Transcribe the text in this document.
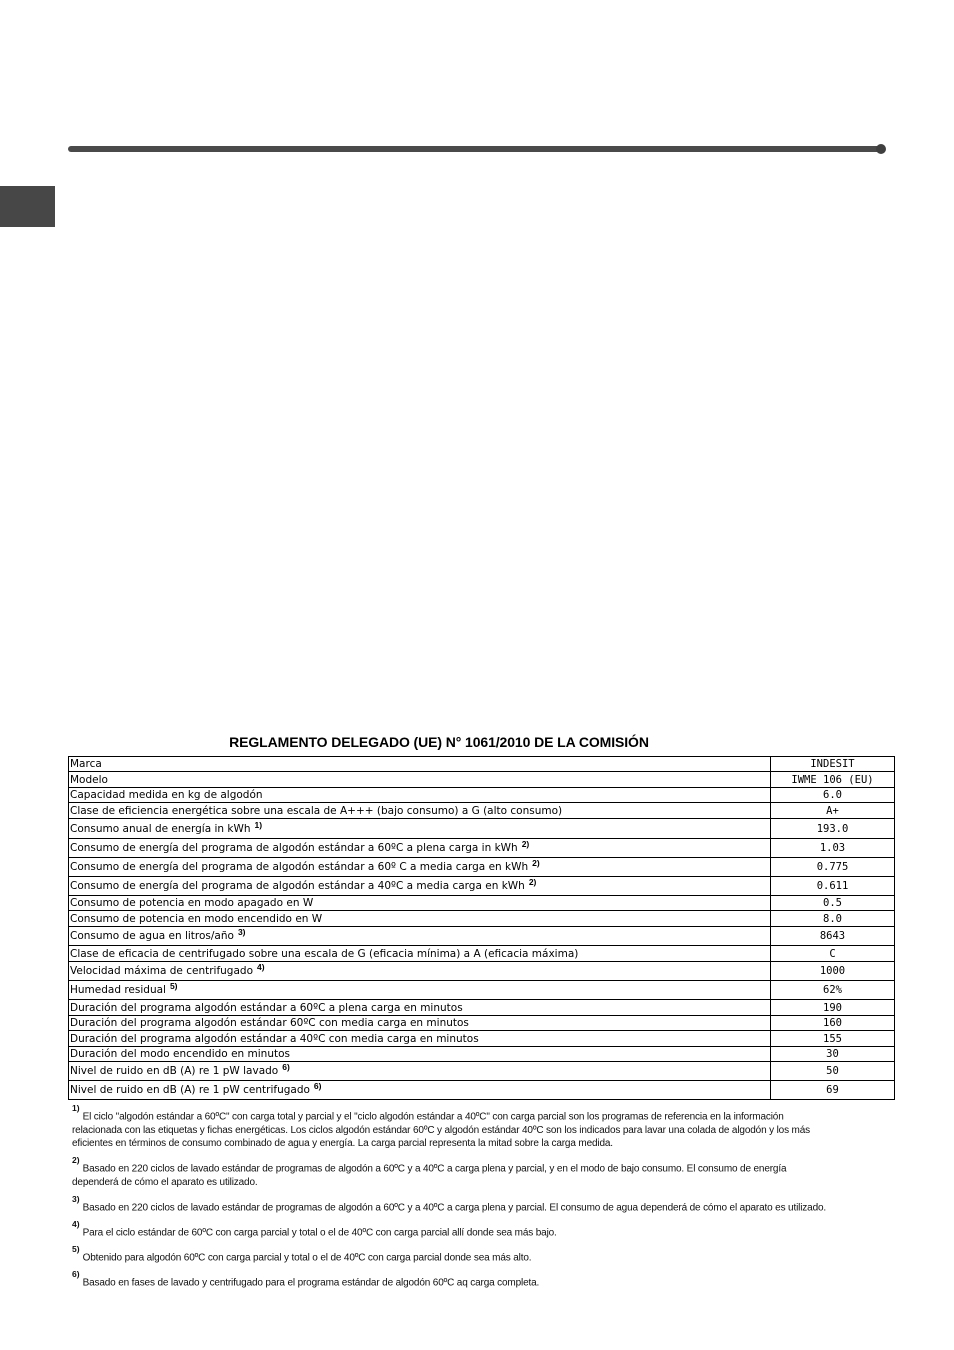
REGLAMENTO DELEGADO (UE) N° 1061/2010 DE LA COMISIÓN
Marca	INDESIT
Modelo	IWME 106 (EU)
Capacidad medida en kg de algodón	6.0
Clase de eficiencia energética sobre una escala de A+++ (bajo consumo) a G (alto consumo)	A+
Consumo anual de energía in kWh $^{1)}$	193.0
Consumo de energía del programa de algodón estándar a 60ºC a plena carga in kWh $^{2)}$	1.03
Consumo de energía del programa de algodón estándar a 60º C a media carga en kWh $^{2)}$	0.775
Consumo de energía del programa de algodón estándar a 40ºC a media carga en kWh $^{2)}$	0.611
Consumo de potencia en modo apagado en W	0.5
Consumo de potencia en modo encendido en W	8.0
Consumo de agua en litros/año $^{3)}$	8643
Clase de eficacia de centrifugado sobre una escala de G (eficacia mínima) a A (eficacia máxima)	C
Velocidad máxima de centrifugado $^{4)}$	1000
Humedad residual $^{5)}$	62%
Duración del programa algodón estándar a 60ºC a plena carga en minutos	190
Duración del programa algodón estándar 60ºC con media carga en minutos	160
Duración del programa algodón estándar a 40ºC con media carga en minutos	155
Duración del modo encendido en minutos	30
Nivel de ruido en dB (A) re 1 pW lavado $^{6)}$	50
Nivel de ruido en dB (A) re 1 pW centrifugado $^{6)}$	69
$^{1)}$El ciclo "algodón estándar a 60ºC" con carga total y parcial y el "ciclo algodón estándar a 40ºC" con carga parcial son los programas de referencia en la información
relacionada con las etiquetas y fichas energéticas. Los ciclos algodón estándar 60ºC y algodón estándar 40ºC son los indicados para lavar una colada de algodón y los más
eficientes en términos de consumo combinado de agua y energía. La carga parcial representa la mitad sobre la carga medida.
$^{2)}$Basado en 220 ciclos de lavado estándar de programas de algodón a 60ºC y a 40ºC a carga plena y parcial, y en el modo de bajo consumo. El consumo de energía
dependerá de cómo el aparato es utilizado.
$^{3)}$Basado en 220 ciclos de lavado estándar de programas de algodón a 60ºC y a 40ºC a carga plena y parcial. El consumo de agua dependerá de cómo el aparato es utilizado.
$^{4)}$Para el ciclo estándar de 60ºC con carga parcial y total o el de 40ºC con carga parcial allí donde sea más bajo.
$^{5)}$Obtenido para algodón 60ºC con carga parcial y total o el de 40ºC con carga parcial donde sea más alto.
$^{6)}$Basado en fases de lavado y centrifugado para el programa estándar de algodón 60ºC aq carga completa.
